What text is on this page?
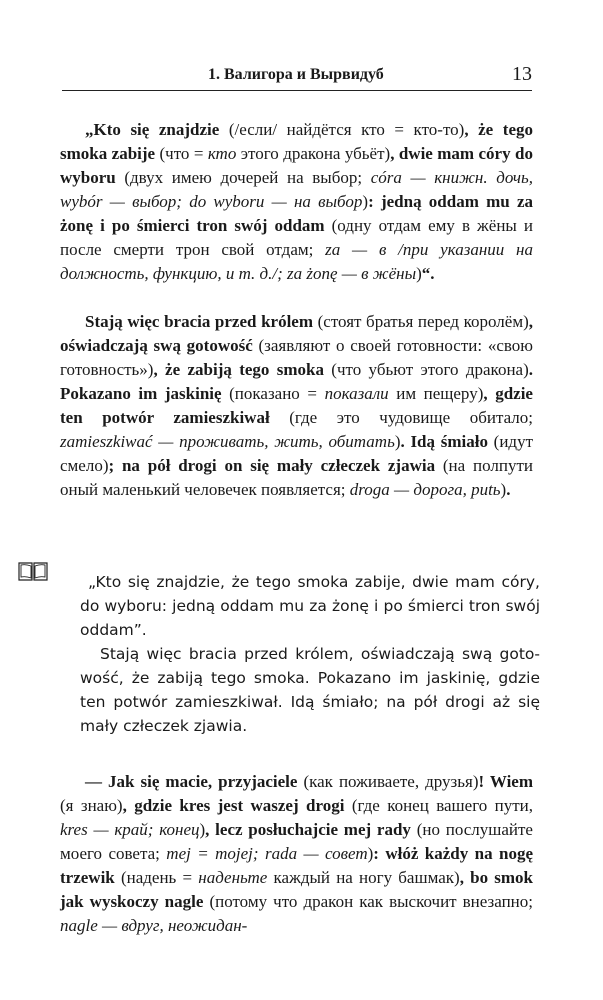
1. Валигора и Вырвидуб	13
„Kto się znajdzie (/если/ найдётся кто = кто-то), że tego smoka zabije (что = кто этого дракона убьёт), dwie mam córy do wyboru (двух имею дочерей на выбор; córa — книжн. дочь, wybór — выбор; do wyboru — на выбор): jedną oddam mu za żonę i po śmierci tron swój oddam (одну отдам ему в жёны и после смерти трон свой отдам; za — в /при указании на должность, функцию, и т. д./; za żonę — в жёны)“.
Stają więc bracia przed królem (стоят братья перед королём), oświadczają swą gotowość (заявляют о своей готовности: «свою готовность»), że zabiją tego smoka (что убьют этого дракона). Pokazano im jaskinię (показано = показали им пещеру), gdzie ten potwór zamieszkiwał (где это чудовище обитало; zamieszkiwać — проживать, жить, обитать). Idą śmiało (идут смело); na pół drogi on się mały człeczek zjawia (на полпути оный маленький человечек появляется; droga — дорога, putь).
„Kto się znajdzie, że tego smoka zabije, dwie mam córy, do wyboru: jedną oddam mu za żonę i po śmierci tron swój oddam”.
Stają więc bracia przed królem, oświadczają swą gotowość, że zabiją tego smoka. Pokazano im jaskinię, gdzie ten potwór zamieszkiwał. Idą śmiało; na pół drogi aż się mały człeczek zjawia.
— Jak się macie, przyjaciele (как поживаете, друзья)! Wiem (я знаю), gdzie kres jest waszej drogi (где конец вашего пути, kres — край; конец), lecz posłuchajcie mej rady (но послушайте моего совета; mej = mojej; rada — совет): włóż każdy na nogę trzewik (надень = наденьте каждый на ногу башмак), bo smok jak wyskoczy nagle (потому что дракон как выскочит внезапно; nagle — вдруг, неожидан-
